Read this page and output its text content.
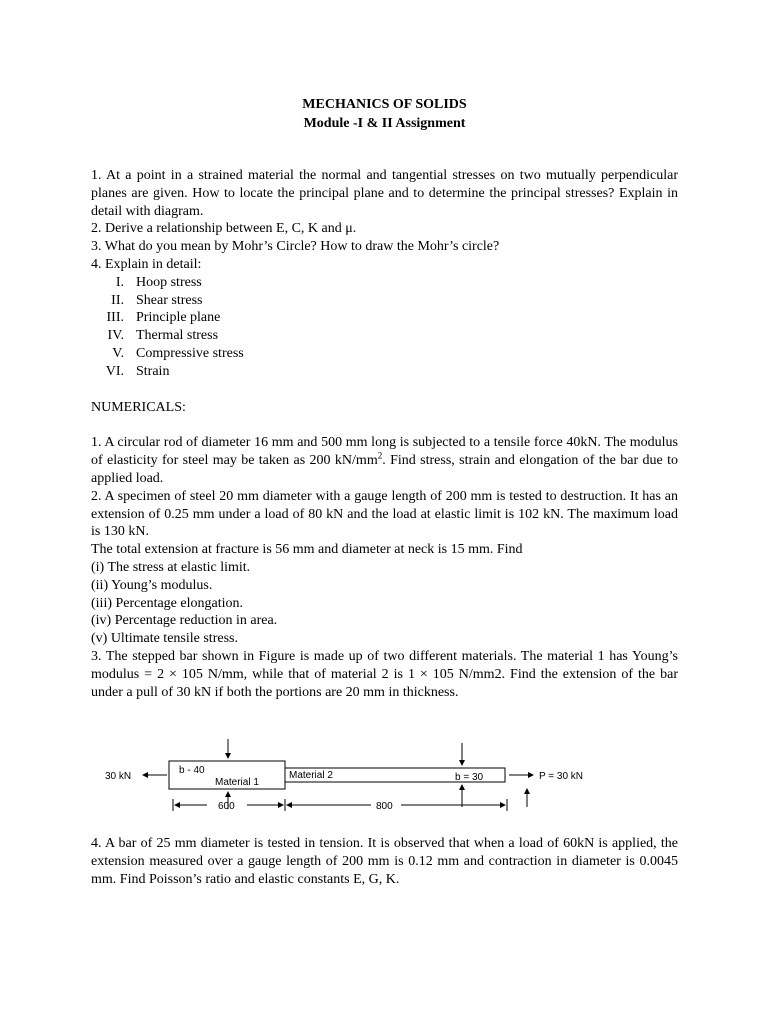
MECHANICS OF SOLIDS
Module -I & II Assignment

1. At a point in a strained material the normal and tangential stresses on two mutually perpendicular planes are given. How to locate the principal plane and to determine the principal stresses? Explain in detail with diagram.

2. Derive a relationship between E, C, K and μ.

3. What do you mean by Mohr’s Circle? How to draw the Mohr’s circle?

4. Explain in detail:

I. Hoop stress
II. Shear stress
III. Principle plane
IV. Thermal stress
V. Compressive stress
VI. Strain

NUMERICALS:

1. A circular rod of diameter 16 mm and 500 mm long is subjected to a tensile force 40kN. The modulus of elasticity for steel may be taken as 200 $kN/mm^2$. Find stress, strain and elongation of the bar due to applied load.

2. A specimen of steel 20 mm diameter with a gauge length of 200 mm is tested to destruction. It has an extension of 0.25 mm under a load of 80 kN and the load at elastic limit is 102 kN. The maximum load is 130 kN.

The total extension at fracture is 56 mm and diameter at neck is 15 mm. Find

(i) The stress at elastic limit.

(ii) Young’s modulus.

(iii) Percentage elongation.

(iv) Percentage reduction in area.

(v) Ultimate tensile stress.

3. The stepped bar shown in Figure is made up of two different materials. The material 1 has Young’s modulus = 2 × 105 N/mm, while that of material 2 is 1 × 105 N/mm2. Find the extension of the bar under a pull of 30 kN if both the portions are 20 mm in thickness.

30 kN
b - 40
Material 1
Material 2	b = 30	P = 30 kN
600	800

4. A bar of 25 mm diameter is tested in tension. It is observed that when a load of 60kN is applied, the extension measured over a gauge length of 200 mm is 0.12 mm and contraction in diameter is 0.0045 mm. Find Poisson’s ratio and elastic constants E, G, K.
